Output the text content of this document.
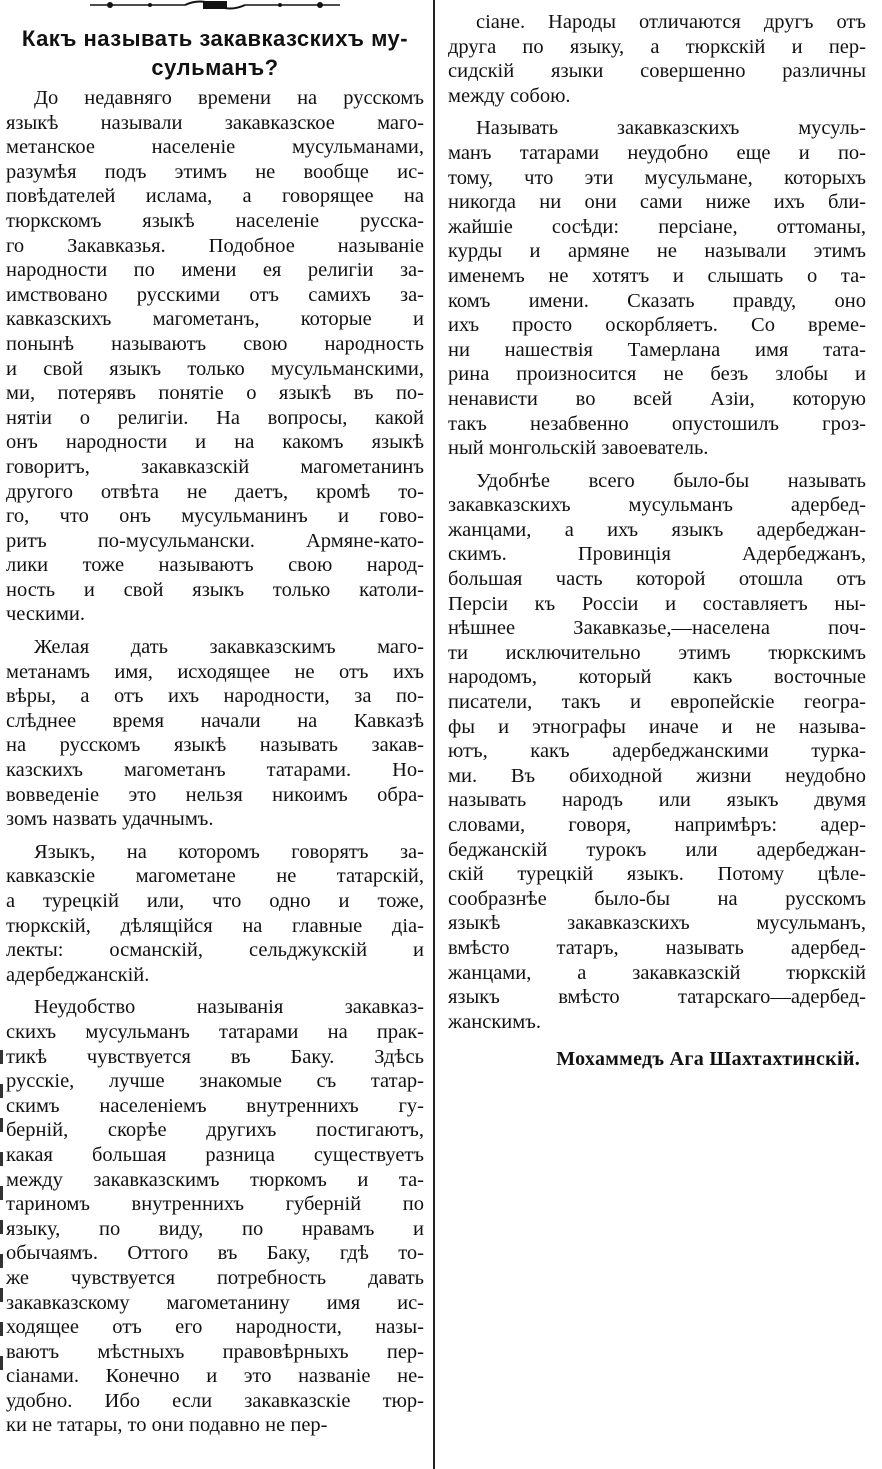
Какъ называть закавказскихъ му-
сульманъ?
До недавняго времени на русскомъ
языкѣ называли закавказское маго-
метанское населеніе мусульманами,
разумѣя подъ этимъ не вообще ис-
повѣдателей ислама, а говорящее на
тюркскомъ языкѣ населеніе русска-
го Закавказья. Подобное называніе
народности по имени ея религіи за-
имствовано русскими отъ самихъ за-
кавказскихъ магометанъ, которые и
понынѣ называютъ свою народность
и свой языкъ только мусульманскими,
ми, потерявъ понятіе о языкѣ въ по-
нятіи о религіи. На вопросы, какой
онъ народности и на какомъ языкѣ
говоритъ, закавказскій магометанинъ
другого отвѣта не даетъ, кромѣ то-
го, что онъ мусульманинъ и гово-
ритъ по-мусульмански. Армяне-като-
лики тоже называютъ свою народ-
ность и свой языкъ только католи-
ческими.
Желая дать закавказскимъ маго-
метанамъ имя, исходящее не отъ ихъ
вѣры, а отъ ихъ народности, за по-
слѣднее время начали на Кавказѣ
на русскомъ языкѣ называть закав-
казскихъ магометанъ татарами. Но-
вовведеніе это нельзя никоимъ обра-
зомъ назвать удачнымъ.
Языкъ, на которомъ говорятъ за-
кавказскіе магометане не татарскій,
а турецкій или, что одно и тоже,
тюркскій, дѣлящійся на главные діа-
лекты: османскій, сельджукскій и
адербеджанскій.
Неудобство называнія закавказ-
скихъ мусульманъ татарами на прак-
тикѣ чувствуется въ Баку. Здѣсь
русскіе, лучше знакомые съ татар-
скимъ населеніемъ внутреннихъ гу-
берній, скорѣе другихъ постигаютъ,
какая большая разница существуетъ
между закавказскимъ тюркомъ и та-
тариномъ внутреннихъ губерній по
языку, по виду, по нравамъ и
обычаямъ. Оттого въ Баку, гдѣ то-
же чувствуется потребность давать
закавказскому магометанину имя ис-
ходящее отъ его народности, назы-
ваютъ мѣстныхъ правовѣрныхъ пер-
сіанами. Конечно и это названіе не-
удобно. Ибо если закавказскіе тюр-
ки не татары, то они подавно не пер-
сіане. Народы отличаются другъ отъ
друга по языку, а тюркскій и пер-
сидскій языки совершенно различны
между собою.
Называть закавказскихъ мусуль-
манъ татарами неудобно еще и по-
тому, что эти мусульмане, которыхъ
никогда ни они сами ниже ихъ бли-
жайшіе сосѣди: персіане, оттоманы,
курды и армяне не называли этимъ
именемъ не хотятъ и слышать о та-
комъ имени. Сказать правду, оно
ихъ просто оскорбляетъ. Со време-
ни нашествія Тамерлана имя тата-
рина произносится не безъ злобы и
ненависти во всей Азіи, которую
такъ незабвенно опустошилъ гроз-
ный монгольскій завоеватель.
Удобнѣе всего было-бы называть
закавказскихъ мусульманъ адербед-
жанцами, а ихъ языкъ адербеджан-
скимъ. Провинція Адербеджанъ,
большая часть которой отошла отъ
Персіи къ Россіи и составляетъ ны-
нѣшнее Закавказье,—населена поч-
ти исключительно этимъ тюркскимъ
народомъ, который какъ восточные
писатели, такъ и европейскіе геогра-
фы и этнографы иначе и не называ-
ютъ, какъ адербеджанскими турка-
ми. Въ обиходной жизни неудобно
называть народъ или языкъ двумя
словами, говоря, напримѣръ: адер-
беджанскій турокъ или адербеджан-
скій турецкій языкъ. Потому цѣле-
сообразнѣе было-бы на русскомъ
языкѣ закавказскихъ мусульманъ,
вмѣсто татаръ, называть адербед-
жанцами, а закавказскій тюркскій
языкъ вмѣсто татарскаго—адербед-
жанскимъ.
Мохаммедъ Ага Шахтахтинскій.
